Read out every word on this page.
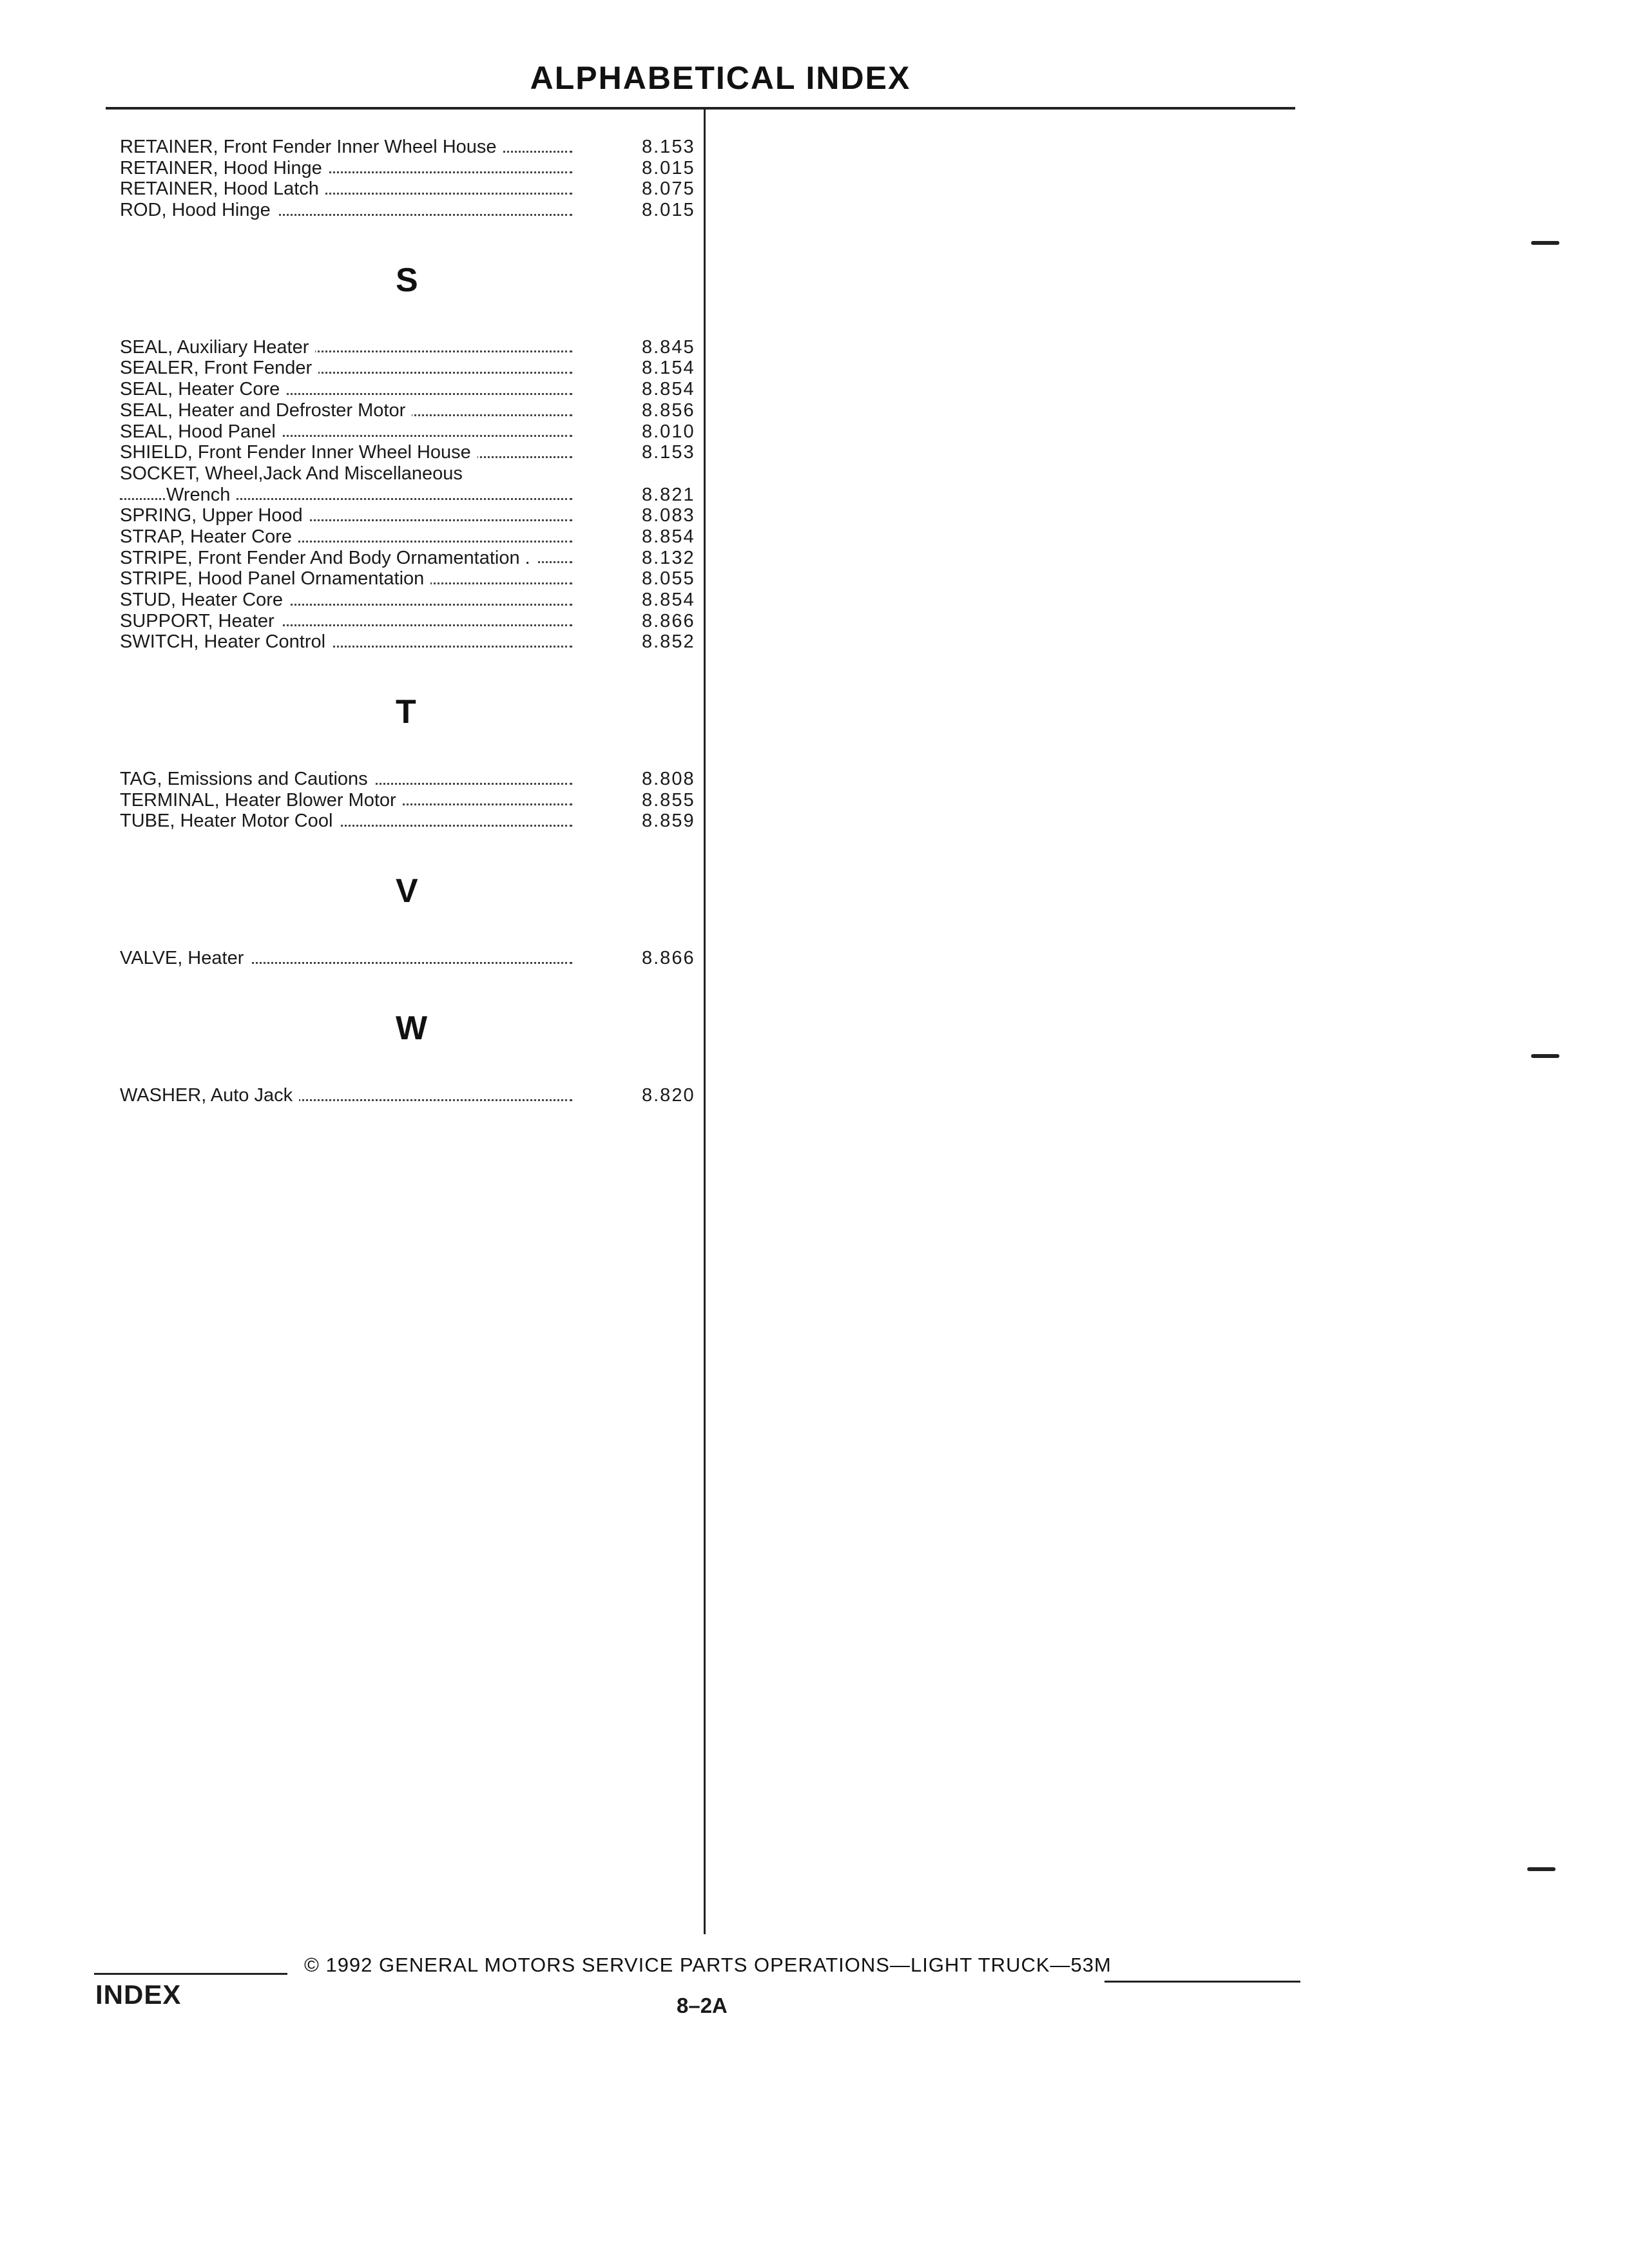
ALPHABETICAL INDEX
RETAINER, Front Fender Inner Wheel House	8.153
RETAINER, Hood Hinge	8.015
RETAINER, Hood Latch	8.075
ROD, Hood Hinge	8.015
S
SEAL, Auxiliary Heater	8.845
SEALER, Front Fender	8.154
SEAL, Heater Core	8.854
SEAL, Heater and Defroster Motor	8.856
SEAL, Hood Panel	8.010
SHIELD, Front Fender Inner Wheel House	8.153
SOCKET, Wheel,Jack And Miscellaneous
Wrench	8.821
SPRING, Upper Hood	8.083
STRAP, Heater Core	8.854
STRIPE, Front Fender And Body Ornamentation .	8.132
STRIPE, Hood Panel Ornamentation	8.055
STUD, Heater Core	8.854
SUPPORT, Heater	8.866
SWITCH, Heater Control	8.852
T
TAG, Emissions and Cautions	8.808
TERMINAL, Heater Blower Motor	8.855
TUBE, Heater Motor Cool	8.859
V
VALVE, Heater	8.866
W
WASHER, Auto Jack	8.820
© 1992 GENERAL MOTORS SERVICE PARTS OPERATIONS—LIGHT TRUCK—53M
INDEX	8–2A
